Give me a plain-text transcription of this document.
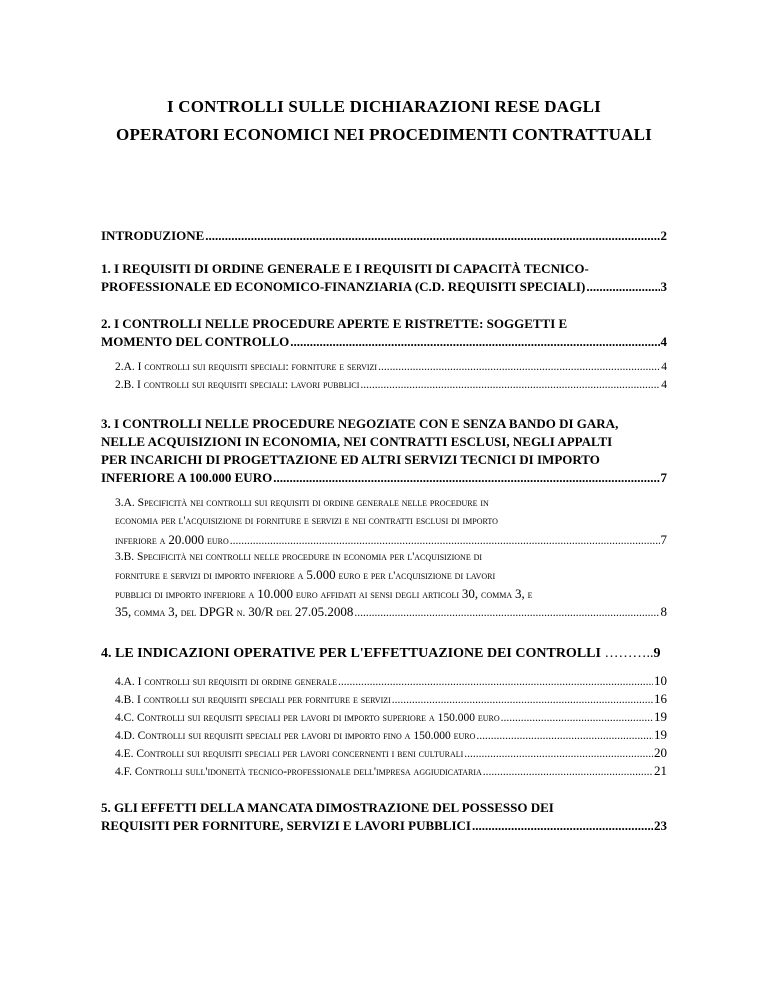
I CONTROLLI SULLE DICHIARAZIONI RESE DAGLI
OPERATORI ECONOMICI NEI PROCEDIMENTI CONTRATTUALI
INTRODUZIONE .....	2
1. I REQUISITI DI ORDINE GENERALE E I REQUISITI DI CAPACITÀ TECNICO-
PROFESSIONALE ED ECONOMICO-FINANZIARIA (C.D. REQUISITI SPECIALI) .....	3
2. I CONTROLLI NELLE PROCEDURE APERTE E RISTRETTE: SOGGETTI E
MOMENTO DEL CONTROLLO .....	4
2.A. I controlli sui requisiti speciali: forniture e servizi .....	4
2.B. I controlli sui requisiti speciali: lavori pubblici .....	4
3. I CONTROLLI NELLE PROCEDURE NEGOZIATE CON E SENZA BANDO DI GARA,
NELLE ACQUISIZIONI IN ECONOMIA, NEI CONTRATTI ESCLUSI, NEGLI APPALTI
PER INCARICHI DI PROGETTAZIONE ED ALTRI SERVIZI TECNICI DI IMPORTO
INFERIORE A 100.000 EURO .....	7
3.A. Specificità nei controlli sui requisiti di ordine generale nelle procedure in
economia per l'acquisizione di forniture e servizi e nei contratti esclusi di importo
inferiore a 20.000 euro .....	7
3.B. Specificità nei controlli nelle procedure in economia per l'acquisizione di
forniture e servizi di importo inferiore a 5.000 euro e per l'acquisizione di lavori
pubblici di importo inferiore a 10.000 euro affidati ai sensi degli articoli 30, comma 3, e
35, comma 3, del DPGR n. 30/R del 27.05.2008 .....	8
4. LE INDICAZIONI OPERATIVE PER L'EFFETTUAZIONE DEI CONTROLLI ………..9
4.A. I controlli sui requisiti di ordine generale .....	10
4.B. I controlli sui requisiti speciali per forniture e servizi .....	16
4.C. Controlli sui requisiti speciali per lavori di importo superiore a 150.000 euro .....	19
4.D. Controlli sui requisiti speciali per lavori di importo fino a 150.000 euro .....	19
4.E. Controlli sui requisiti speciali per lavori concernenti i beni culturali .....	20
4.F. Controlli sull'idoneità tecnico-professionale dell'impresa aggiudicataria .....	21
5. GLI EFFETTI DELLA MANCATA DIMOSTRAZIONE DEL POSSESSO DEI
REQUISITI PER FORNITURE, SERVIZI E LAVORI PUBBLICI .....	23
